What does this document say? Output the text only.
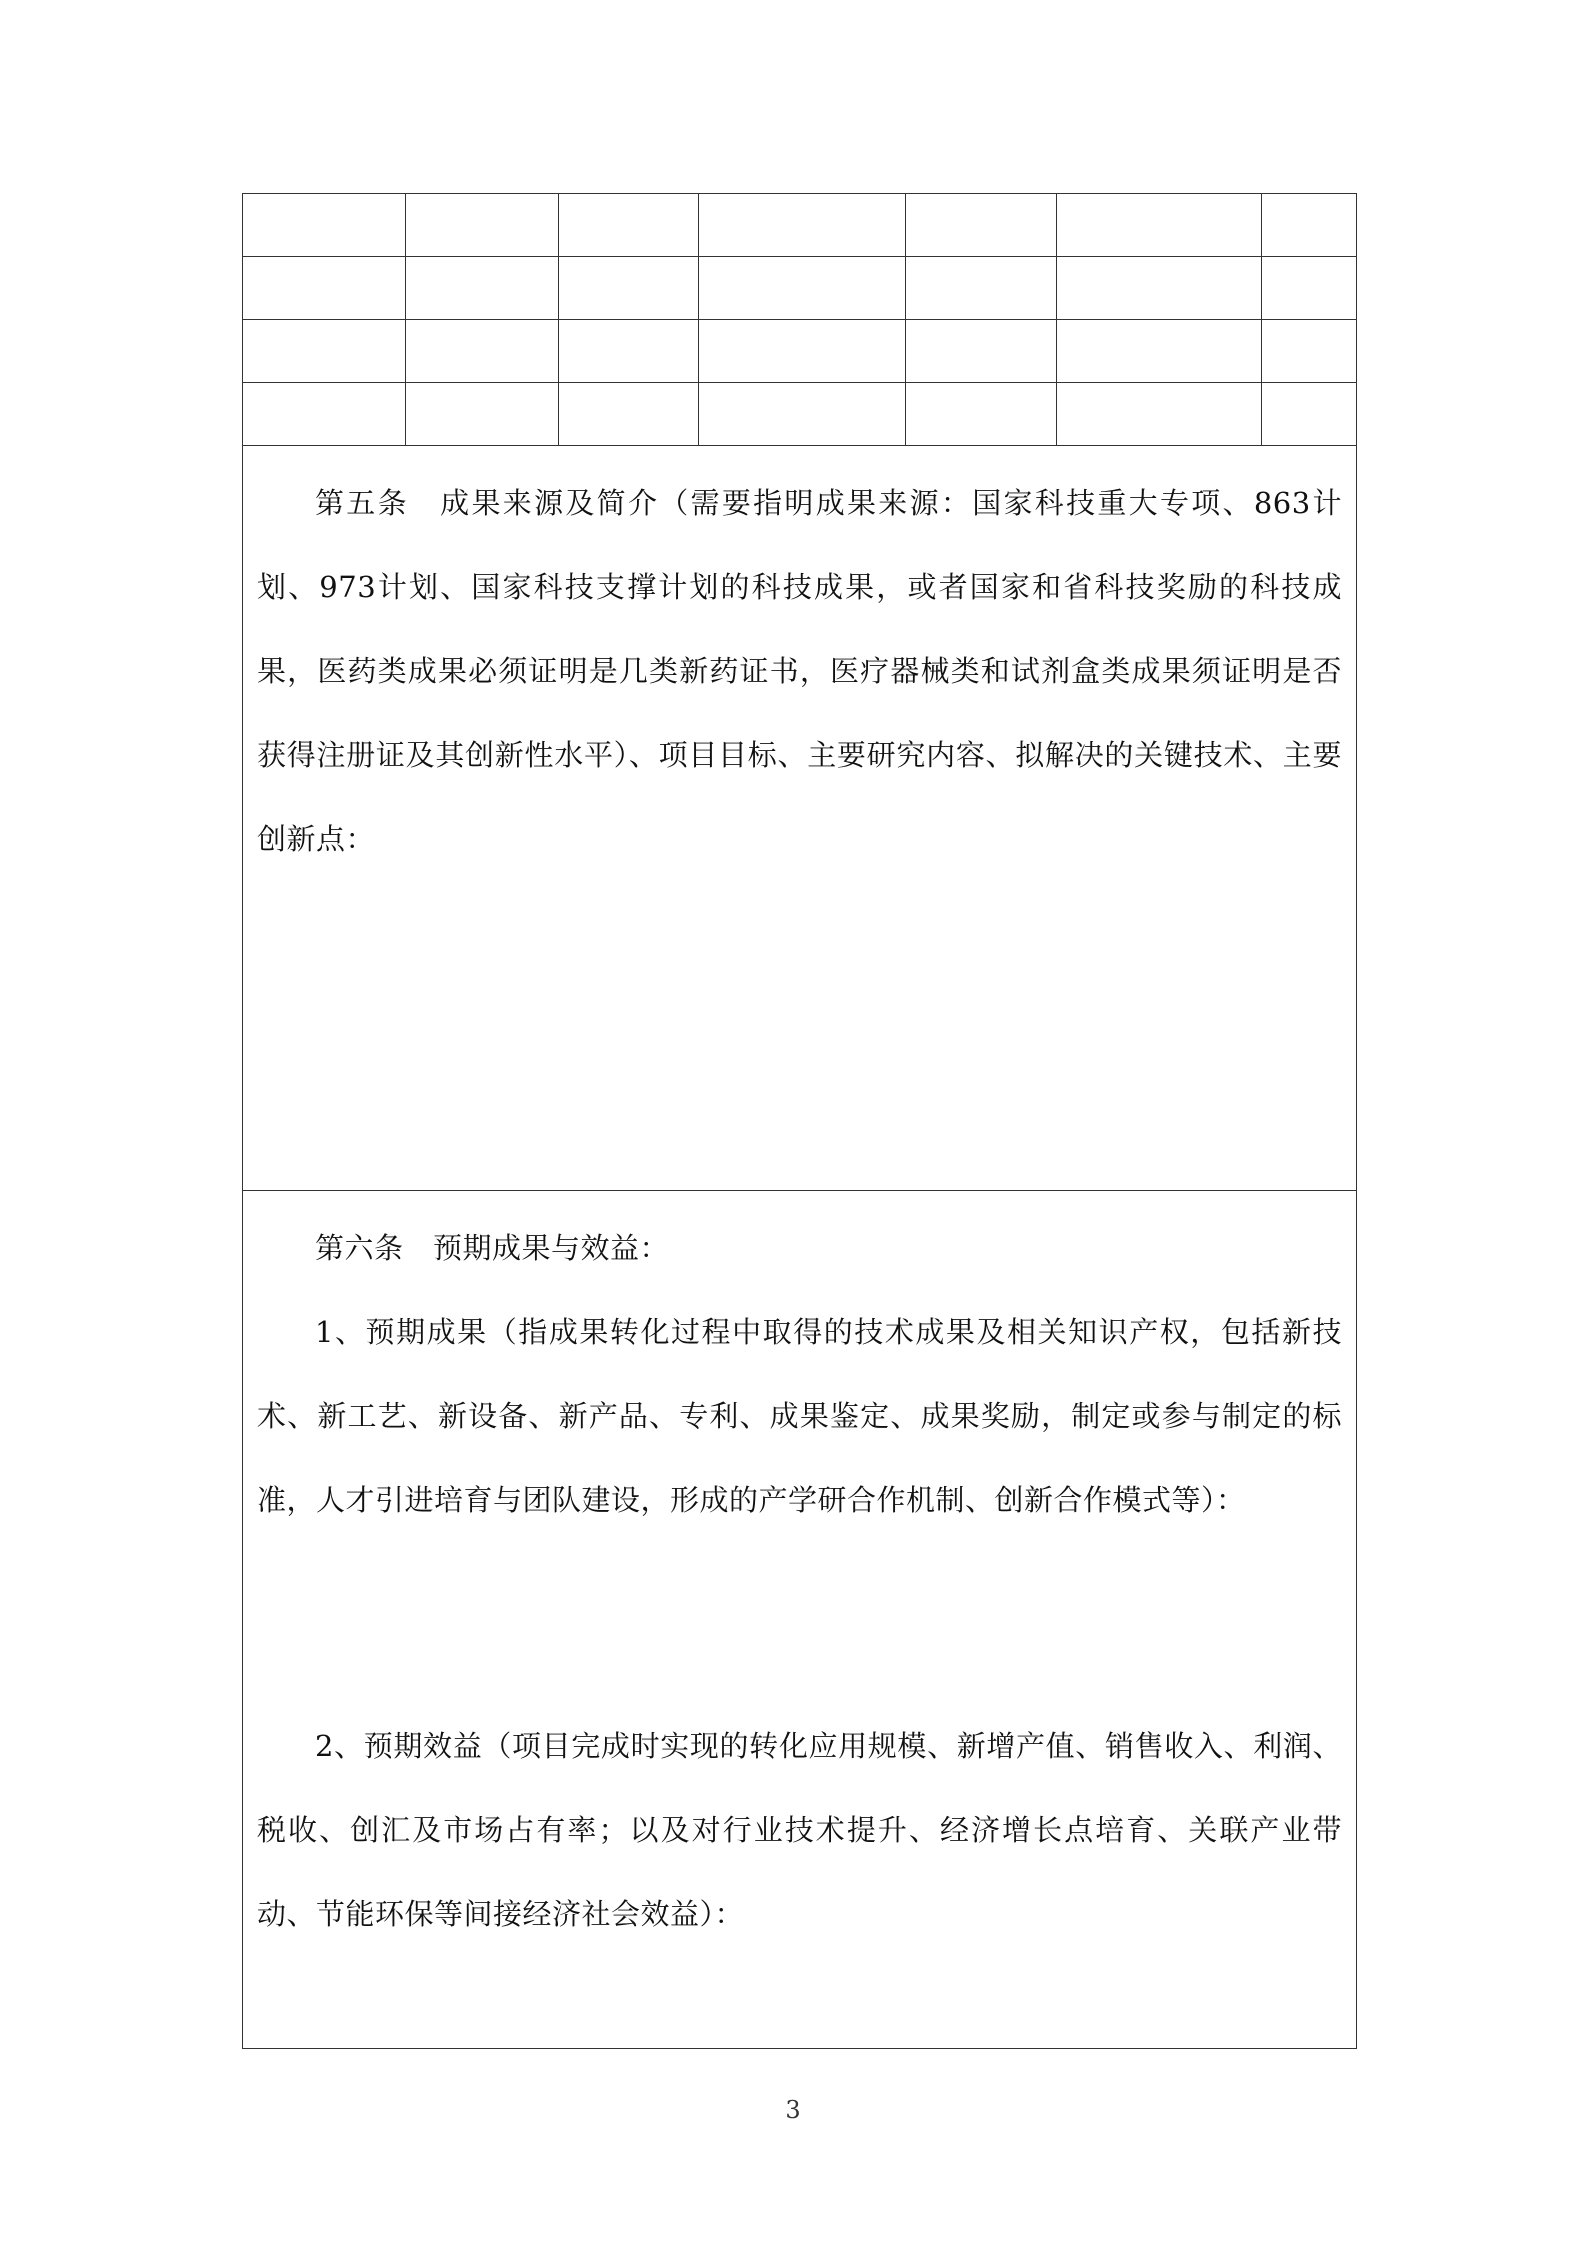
第五条　成果来源及简介（需要指明成果来源：国家科技重大专项、863计划、973计划、国家科技支撑计划的科技成果，或者国家和省科技奖励的科技成果，医药类成果必须证明是几类新药证书，医疗器械类和试剂盒类成果须证明是否获得注册证及其创新性水平）、项目目标、主要研究内容、拟解决的关键技术、主要创新点：						

第六条　预期成果与效益：

1、预期成果（指成果转化过程中取得的技术成果及相关知识产权，包括新技术、新工艺、新设备、新产品、专利、成果鉴定、成果奖励，制定或参与制定的标准，人才引进培育与团队建设，形成的产学研合作机制、创新合作模式等）：

2、预期效益（项目完成时实现的转化应用规模、新增产值、销售收入、利润、税收、创汇及市场占有率；以及对行业技术提升、经济增长点培育、关联产业带动、节能环保等间接经济社会效益）：						

3
